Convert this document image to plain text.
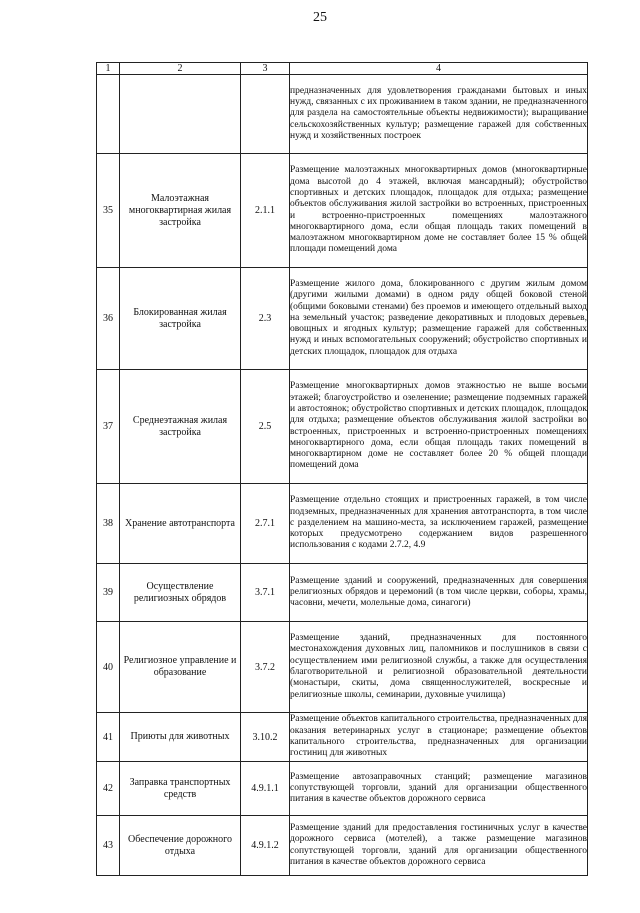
25
1	2	3	4
			предназначенных для удовлетворения гражданами бытовых и иных нужд, связанных с их проживанием в таком здании, не предназначенного для раздела на самостоятельные объекты недвижимости); выращивание сельскохозяйственных культур; размещение гаражей для собственных нужд и хозяйственных построек
35	Малоэтажная многоквартирная жилая застройка	2.1.1	Размещение малоэтажных многоквартирных домов (многоквартирные дома высотой до 4 этажей, включая мансардный); обустройство спортивных и детских площадок, площадок для отдыха; размещение объектов обслуживания жилой застройки во встроенных, пристроенных и встроенно-пристроенных помещениях малоэтажного многоквартирного дома, если общая площадь таких помещений в малоэтажном многоквартирном доме не составляет более 15 % общей площади помещений дома
36	Блокированная жилая застройка	2.3	Размещение жилого дома, блокированного с другим жилым домом (другими жилыми домами) в одном ряду общей боковой стеной (общими боковыми стенами) без проемов и имеющего отдельный выход на земельный участок; разведение декоративных и плодовых деревьев, овощных и ягодных культур; размещение гаражей для собственных нужд и иных вспомогательных сооружений; обустройство спортивных и детских площадок, площадок для отдыха
37	Среднеэтажная жилая застройка	2.5	Размещение многоквартирных домов этажностью не выше восьми этажей; благоустройство и озеленение; размещение подземных гаражей и автостоянок; обустройство спортивных и детских площадок, площадок для отдыха; размещение объектов обслуживания жилой застройки во встроенных, пристроенных и встроенно-пристроенных помещениях многоквартирного дома, если общая площадь таких помещений в многоквартирном доме не составляет более 20 % общей площади помещений дома
38	Хранение автотранспорта	2.7.1	Размещение отдельно стоящих и пристроенных гаражей, в том числе подземных, предназначенных для хранения автотранспорта, в том числе с разделением на машино-места, за исключением гаражей, размещение которых предусмотрено содержанием видов разрешенного использования с кодами 2.7.2, 4.9
39	Осуществление религиозных обрядов	3.7.1	Размещение зданий и сооружений, предназначенных для совершения религиозных обрядов и церемоний (в том числе церкви, соборы, храмы, часовни, мечети, молельные дома, синагоги)
40	Религиозное управление и образование	3.7.2	Размещение зданий, предназначенных для постоянного местонахождения духовных лиц, паломников и послушников в связи с осуществлением ими религиозной службы, а также для осуществления благотворительной и религиозной образовательной деятельности (монастыри, скиты, дома священнослужителей, воскресные и религиозные школы, семинарии, духовные училища)
41	Приюты для животных	3.10.2	Размещение объектов капитального строительства, предназначенных для оказания ветеринарных услуг в стационаре; размещение объектов капитального строительства, предназначенных для организации гостиниц для животных
42	Заправка транспортных средств	4.9.1.1	Размещение автозаправочных станций; размещение магазинов сопутствующей торговли, зданий для организации общественного питания в качестве объектов дорожного сервиса
43	Обеспечение дорожного отдыха	4.9.1.2	Размещение зданий для предоставления гостиничных услуг в качестве дорожного сервиса (мотелей), а также размещение магазинов сопутствующей торговли, зданий для организации общественного питания в качестве объектов дорожного сервиса
